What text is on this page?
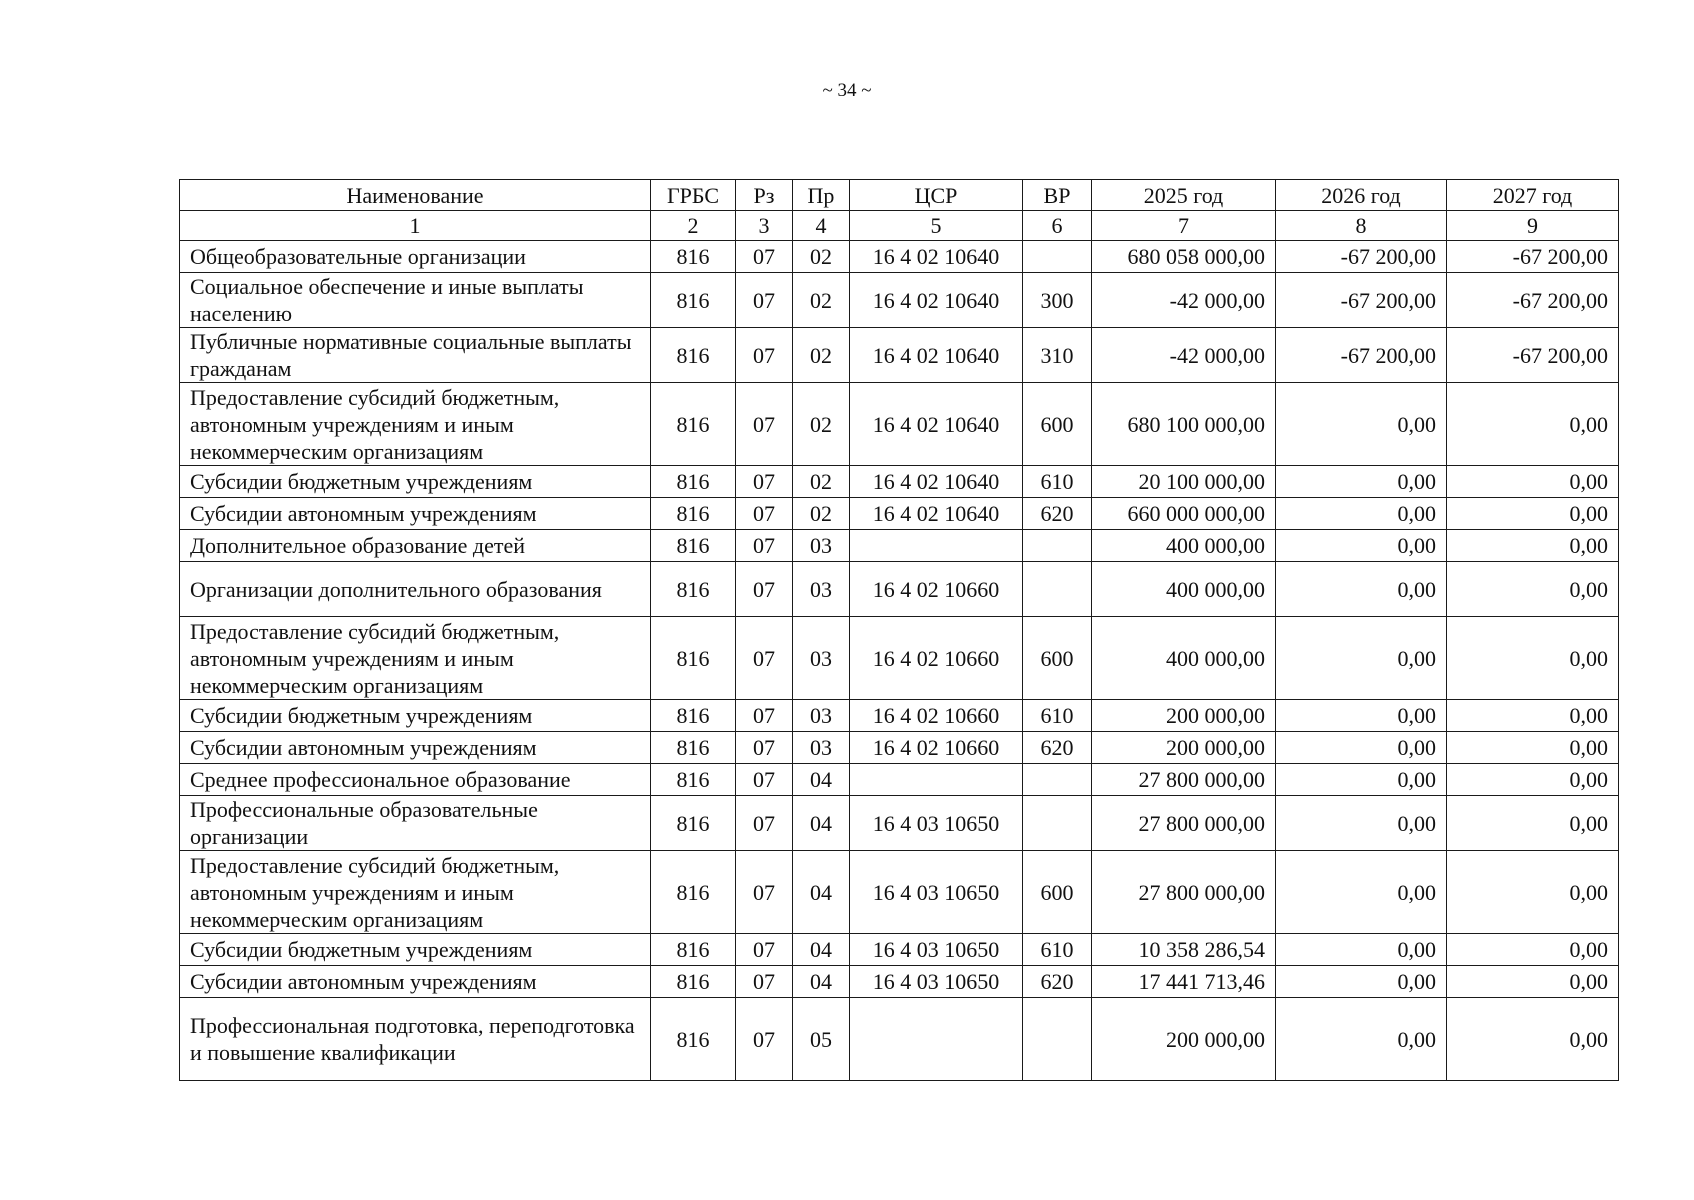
~ 34 ~
Наименование	ГРБС	Рз	Пр	ЦСР	ВР	2025 год	2026 год	2027 год
1	2	3	4	5	6	7	8	9
Общеобразовательные организации	816	07	02	16 4 02 10640		680 058 000,00	-67 200,00	-67 200,00
Социальное обеспечение и иные выплаты населению	816	07	02	16 4 02 10640	300	-42 000,00	-67 200,00	-67 200,00
Публичные нормативные социальные выплаты гражданам	816	07	02	16 4 02 10640	310	-42 000,00	-67 200,00	-67 200,00
Предоставление субсидий бюджетным, автономным учреждениям и иным некоммерческим организациям	816	07	02	16 4 02 10640	600	680 100 000,00	0,00	0,00
Субсидии бюджетным учреждениям	816	07	02	16 4 02 10640	610	20 100 000,00	0,00	0,00
Субсидии автономным учреждениям	816	07	02	16 4 02 10640	620	660 000 000,00	0,00	0,00
Дополнительное образование детей	816	07	03			400 000,00	0,00	0,00
Организации дополнительного образования	816	07	03	16 4 02 10660		400 000,00	0,00	0,00
Предоставление субсидий бюджетным, автономным учреждениям и иным некоммерческим организациям	816	07	03	16 4 02 10660	600	400 000,00	0,00	0,00
Субсидии бюджетным учреждениям	816	07	03	16 4 02 10660	610	200 000,00	0,00	0,00
Субсидии автономным учреждениям	816	07	03	16 4 02 10660	620	200 000,00	0,00	0,00
Среднее профессиональное образование	816	07	04			27 800 000,00	0,00	0,00
Профессиональные образовательные организации	816	07	04	16 4 03 10650		27 800 000,00	0,00	0,00
Предоставление субсидий бюджетным, автономным учреждениям и иным некоммерческим организациям	816	07	04	16 4 03 10650	600	27 800 000,00	0,00	0,00
Субсидии бюджетным учреждениям	816	07	04	16 4 03 10650	610	10 358 286,54	0,00	0,00
Субсидии автономным учреждениям	816	07	04	16 4 03 10650	620	17 441 713,46	0,00	0,00
Профессиональная подготовка, переподготовка и повышение квалификации	816	07	05			200 000,00	0,00	0,00
